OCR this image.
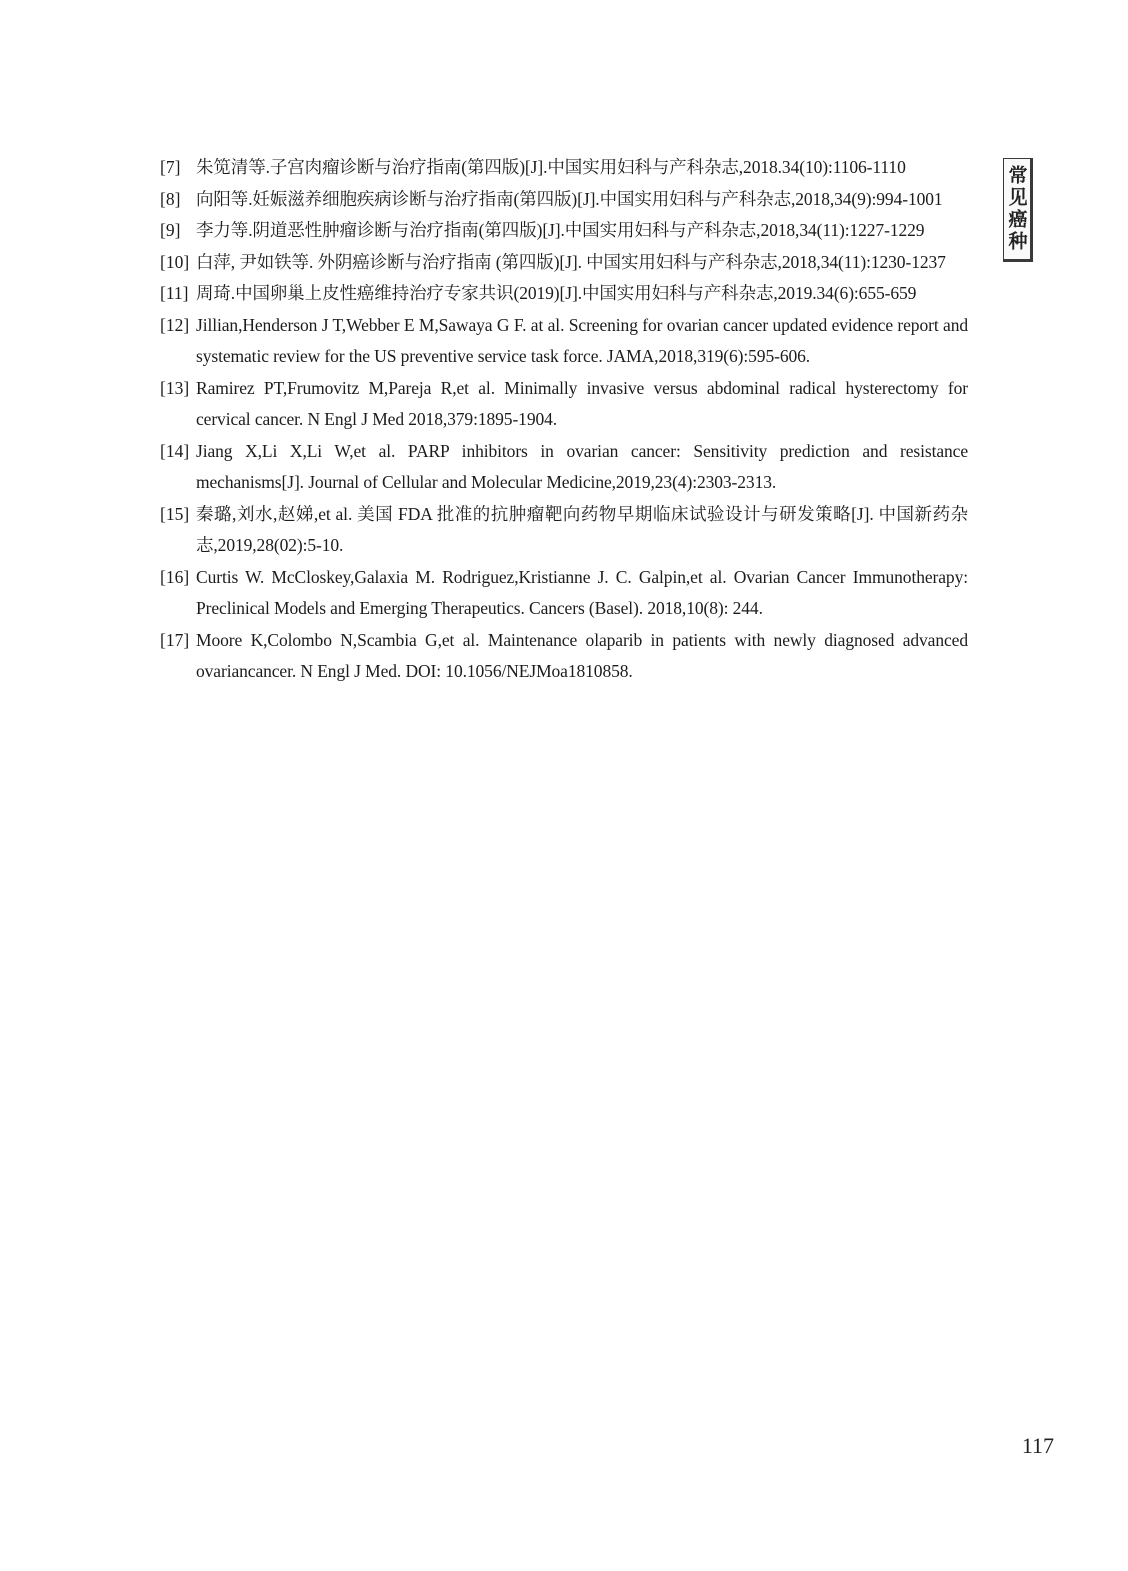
常见癌种
[7] 朱笕清等.子宫肉瘤诊断与治疗指南(第四版)[J].中国实用妇科与产科杂志,2018.34(10):1106-1110
[8] 向阳等.妊娠滋养细胞疾病诊断与治疗指南(第四版)[J].中国实用妇科与产科杂志,2018,34(9):994-1001
[9] 李力等.阴道恶性肿瘤诊断与治疗指南(第四版)[J].中国实用妇科与产科杂志,2018,34(11):1227-1229
[10] 白萍, 尹如铁等. 外阴癌诊断与治疗指南 (第四版)[J]. 中国实用妇科与产科杂志,2018,34(11):1230-1237
[11] 周琦.中国卵巢上皮性癌维持治疗专家共识(2019)[J].中国实用妇科与产科杂志,2019.34(6):655-659
[12] Jillian,Henderson J T,Webber E M,Sawaya G F. at al. Screening for ovarian cancer updated evidence report and systematic review for the US preventive service task force. JAMA,2018,319(6):595-606.
[13] Ramirez PT,Frumovitz M,Pareja R,et al. Minimally invasive versus abdominal radical hysterectomy for cervical cancer. N Engl J Med 2018,379:1895-1904.
[14] Jiang X,Li X,Li W,et al. PARP inhibitors in ovarian cancer: Sensitivity prediction and resistance mechanisms[J]. Journal of Cellular and Molecular Medicine,2019,23(4):2303-2313.
[15] 秦璐,刘水,赵娣,et al. 美国 FDA 批准的抗肿瘤靶向药物早期临床试验设计与研发策略[J]. 中国新药杂志,2019,28(02):5-10.
[16] Curtis W. McCloskey,Galaxia M. Rodriguez,Kristianne J. C. Galpin,et al. Ovarian Cancer Immunotherapy: Preclinical Models and Emerging Therapeutics. Cancers (Basel). 2018,10(8): 244.
[17] Moore K,Colombo N,Scambia G,et al. Maintenance olaparib in patients with newly diagnosed advanced ovariancancer. N Engl J Med. DOI: 10.1056/NEJMoa1810858.
117
